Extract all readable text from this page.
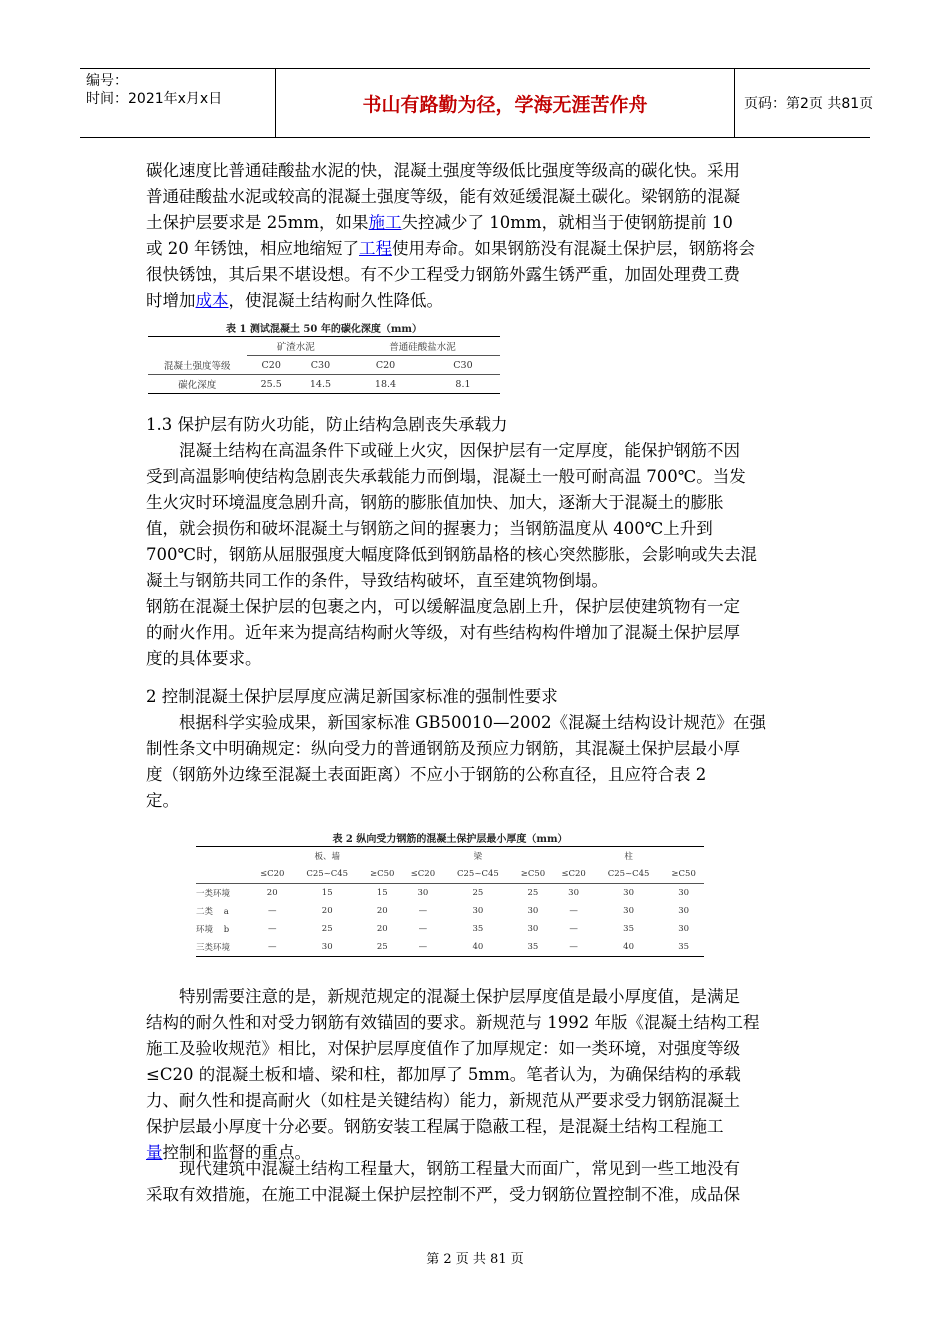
编号：
时间：2021年x月x日	书山有路勤为径，学海无涯苦作舟	页码：第2页 共81页
碳化速度比普通硅酸盐水泥的快，混凝土强度等级低比强度等级高的碳化快。采用
普通硅酸盐水泥或较高的混凝土强度等级，能有效延缓混凝土碳化。梁钢筋的混凝
土保护层要求是 25mm，如果施工失控减少了 10mm，就相当于使钢筋提前 10
或 20 年锈蚀，相应地缩短了工程使用寿命。如果钢筋没有混凝土保护层，钢筋将会
很快锈蚀，其后果不堪设想。有不少工程受力钢筋外露生锈严重，加固处理费工费
时增加成本，使混凝土结构耐久性降低。
表 1 测试混凝土 50 年的碳化深度（mm）
	矿渣水泥		普通硅酸盐水泥	
混凝土强度等级	C20	C30	C20	C30
碳化深度	25.5	14.5	18.4	8.1
1.3 保护层有防火功能，防止结构急剧丧失承载力
混凝土结构在高温条件下或碰上火灾，因保护层有一定厚度，能保护钢筋不因
受到高温影响使结构急剧丧失承载能力而倒塌，混凝土一般可耐高温 700℃。当发
生火灾时环境温度急剧升高，钢筋的膨胀值加快、加大，逐渐大于混凝土的膨胀
值，就会损伤和破坏混凝土与钢筋之间的握裹力；当钢筋温度从 400℃上升到
700℃时，钢筋从屈服强度大幅度降低到钢筋晶格的核心突然膨胀，会影响或失去混
凝土与钢筋共同工作的条件，导致结构破坏，直至建筑物倒塌。
钢筋在混凝土保护层的包裹之内，可以缓解温度急剧上升，保护层使建筑物有一定
的耐火作用。近年来为提高结构耐火等级，对有些结构构件增加了混凝土保护层厚
度的具体要求。
2 控制混凝土保护层厚度应满足新国家标准的强制性要求
根据科学实验成果，新国家标准 GB50010—2002《混凝土结构设计规范》在强
制性条文中明确规定：纵向受力的普通钢筋及预应力钢筋，其混凝土保护层最小厚
度（钢筋外边缘至混凝土表面距离）不应小于钢筋的公称直径，且应符合表 2
定。
表 2 纵向受力钢筋的混凝土保护层最小厚度（mm）
	板、墙			梁			柱		
	≤C20	C25~C45	≥C50	≤C20	C25~C45	≥C50	≤C20	C25~C45	≥C50
一类环境	20	15	15	30	25	25	30	30	30
二类    a	—	20	20	—	30	30	—	30	30
环境    b	—	25	20	—	35	30	—	35	30
三类环境	—	30	25	—	40	35	—	40	35
特别需要注意的是，新规范规定的混凝土保护层厚度值是最小厚度值，是满足
结构的耐久性和对受力钢筋有效锚固的要求。新规范与 1992 年版《混凝土结构工程
施工及验收规范》相比，对保护层厚度值作了加厚规定：如一类环境，对强度等级
≤C20 的混凝土板和墙、梁和柱，都加厚了 5mm。笔者认为，为确保结构的承载
力、耐久性和提高耐火（如柱是关键结构）能力，新规范从严要求受力钢筋混凝土
保护层最小厚度十分必要。钢筋安装工程属于隐蔽工程，是混凝土结构工程施工
量控制和监督的重点。
现代建筑中混凝土结构工程量大，钢筋工程量大而面广，常见到一些工地没有
采取有效措施，在施工中混凝土保护层控制不严，受力钢筋位置控制不准，成品保
第 2 页 共 81 页
